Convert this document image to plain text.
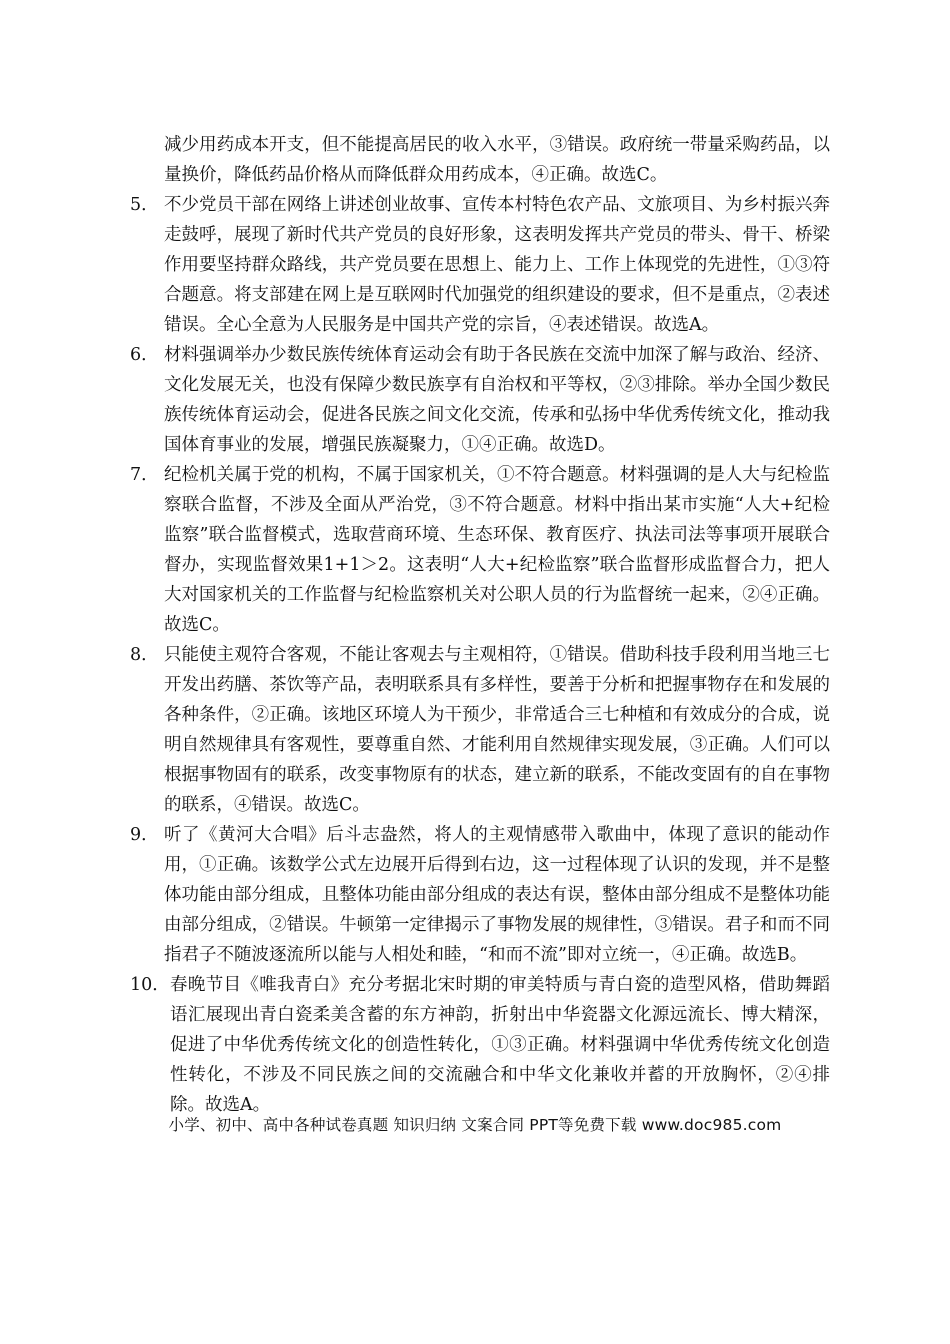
减少用药成本开支，但不能提高居民的收入水平，③错误。政府统一带量采购药品，以量换价，降低药品价格从而降低群众用药成本，④正确。故选C。
5． 不少党员干部在网络上讲述创业故事、宣传本村特色农产品、文旅项目、为乡村振兴奔走鼓呼，展现了新时代共产党员的良好形象，这表明发挥共产党员的带头、骨干、桥梁作用要坚持群众路线，共产党员要在思想上、能力上、工作上体现党的先进性，①③符合题意。将支部建在网上是互联网时代加强党的组织建设的要求，但不是重点，②表述错误。全心全意为人民服务是中国共产党的宗旨，④表述错误。故选A。
6． 材料强调举办少数民族传统体育运动会有助于各民族在交流中加深了解与政治、经济、文化发展无关，也没有保障少数民族享有自治权和平等权，②③排除。举办全国少数民族传统体育运动会，促进各民族之间文化交流，传承和弘扬中华优秀传统文化，推动我国体育事业的发展，增强民族凝聚力，①④正确。故选D。
7． 纪检机关属于党的机构，不属于国家机关，①不符合题意。材料强调的是人大与纪检监察联合监督，不涉及全面从严治党，③不符合题意。材料中指出某市实施“人大+纪检监察”联合监督模式，选取营商环境、生态环保、教育医疗、执法司法等事项开展联合督办，实现监督效果1+1＞2。这表明“人大+纪检监察”联合监督形成监督合力，把人大对国家机关的工作监督与纪检监察机关对公职人员的行为监督统一起来，②④正确。故选C。
8． 只能使主观符合客观，不能让客观去与主观相符，①错误。借助科技手段利用当地三七开发出药膳、茶饮等产品，表明联系具有多样性，要善于分析和把握事物存在和发展的各种条件，②正确。该地区环境人为干预少，非常适合三七种植和有效成分的合成，说明自然规律具有客观性，要尊重自然、才能利用自然规律实现发展，③正确。人们可以根据事物固有的联系，改变事物原有的状态，建立新的联系，不能改变固有的自在事物的联系，④错误。故选C。
9． 听了《黄河大合唱》后斗志盎然，将人的主观情感带入歌曲中，体现了意识的能动作用，①正确。该数学公式左边展开后得到右边，这一过程体现了认识的发现，并不是整体功能由部分组成，且整体功能由部分组成的表达有误，整体由部分组成不是整体功能由部分组成，②错误。牛顿第一定律揭示了事物发展的规律性，③错误。君子和而不同指君子不随波逐流所以能与人相处和睦，“和而不流”即对立统一，④正确。故选B。
10． 春晚节目《唯我青白》充分考据北宋时期的审美特质与青白瓷的造型风格，借助舞蹈语汇展现出青白瓷柔美含蓄的东方神韵，折射出中华瓷器文化源远流长、博大精深，促进了中华优秀传统文化的创造性转化，①③正确。材料强调中华优秀传统文化创造性转化，不涉及不同民族之间的交流融合和中华文化兼收并蓄的开放胸怀，②④排除。故选A。
小学、初中、高中各种试卷真题 知识归纳 文案合同 PPT等免费下载 www.doc985.com
